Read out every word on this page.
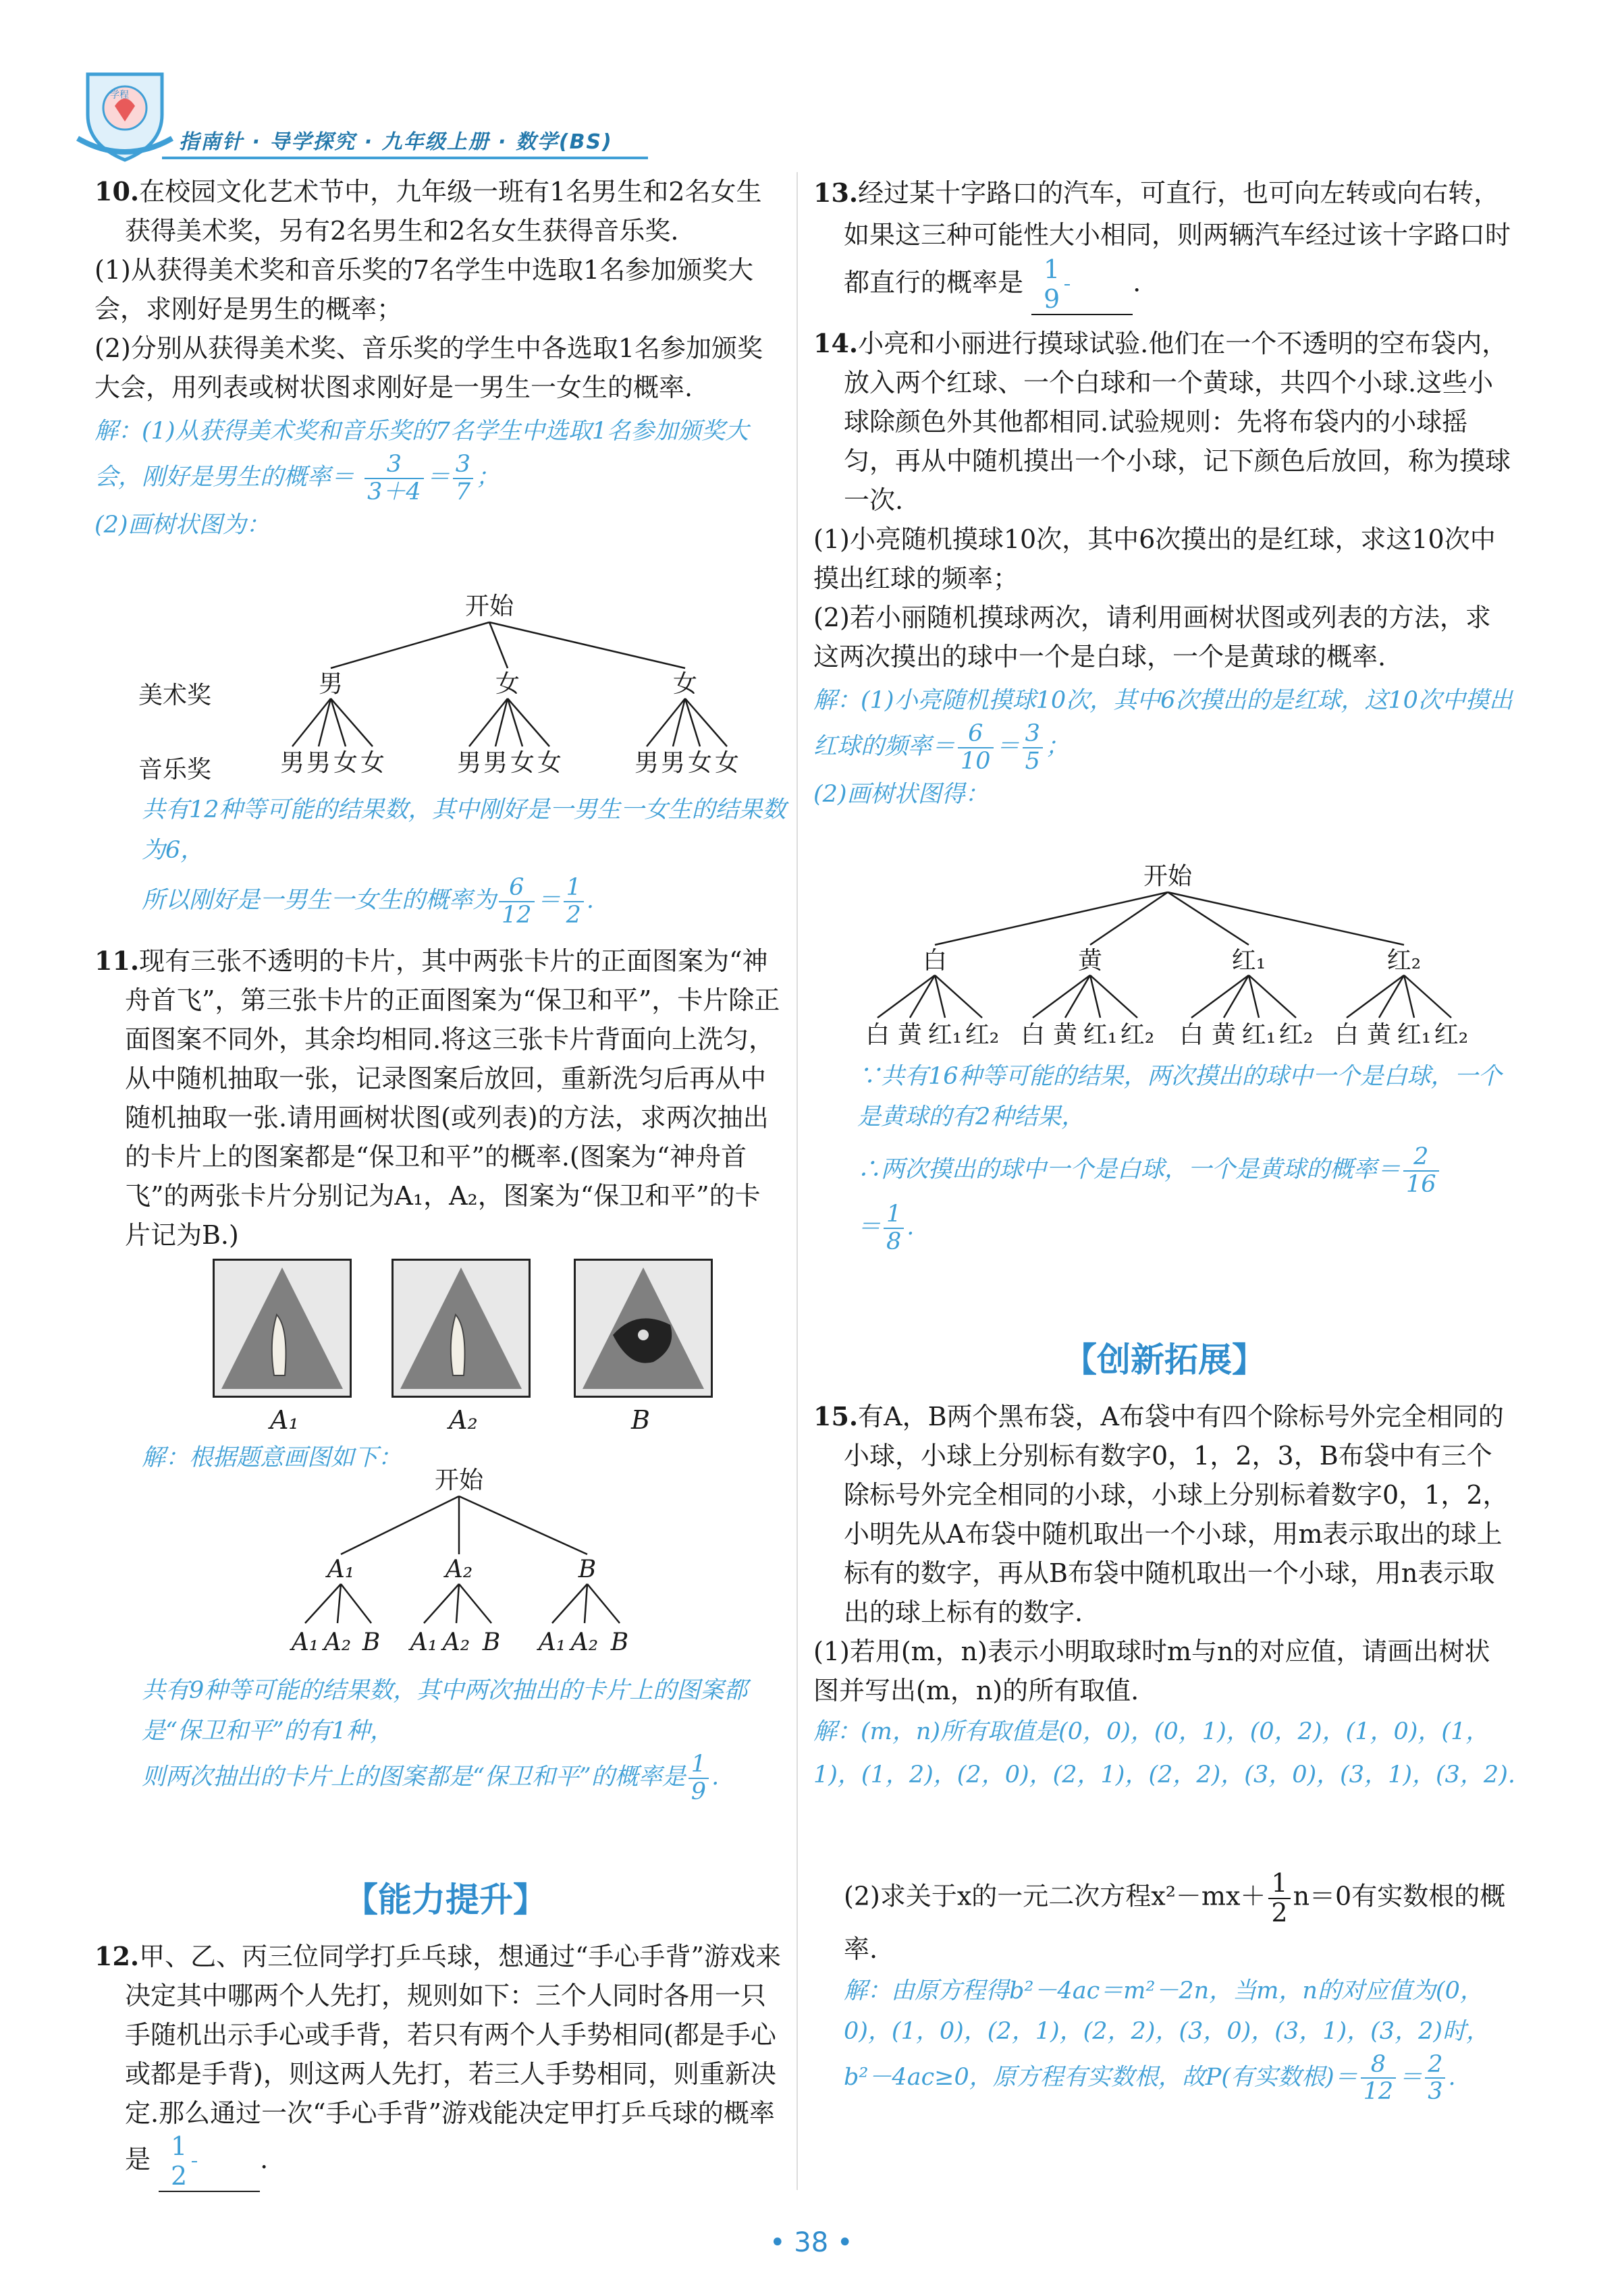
学程
指南针 · 导学探究 · 九年级上册 · 数学(BS)
10.在校园文化艺术节中，九年级一班有1名男生和2名女生获得美术奖，另有2名男生和2名女生获得音乐奖.
(1)从获得美术奖和音乐奖的7名学生中选取1名参加颁奖大会，求刚好是男生的概率；
(2)分别从获得美术奖、音乐奖的学生中各选取1名参加颁奖大会，用列表或树状图求刚好是一男生一女生的概率.
解：(1)从获得美术奖和音乐奖的7名学生中选取1名参加颁奖大会，刚好是男生的概率＝ $\frac{3}{3+4} = \frac{3}{7}$ ；
(2)画树状图为：
美术奖
音乐奖
开始
男	女	女
男 男 女 女	男 男 女 女	男 男 女 女
共有12种等可能的结果数，其中刚好是一男生一女生的结果数为6，
所以刚好是一男生一女生的概率为 $\frac{6}{12} = \frac{1}{2}$ .
11.现有三张不透明的卡片，其中两张卡片的正面图案为“神舟首飞”，第三张卡片的正面图案为“保卫和平”，卡片除正面图案不同外，其余均相同.将这三张卡片背面向上洗匀，从中随机抽取一张，记录图案后放回，重新洗匀后再从中随机抽取一张.请用画树状图(或列表)的方法，求两次抽出的卡片上的图案都是“保卫和平”的概率.(图案为“神舟首飞”的两张卡片分别记为A₁，A₂，图案为“保卫和平”的卡片记为B.)
A₁	A₂	B
解：根据题意画图如下：
开始
A₁	A₂	B
A₁ A₂ B A₁ A₂ B A₁ A₂ B
共有9种等可能的结果数，其中两次抽出的卡片上的图案都是“保卫和平”的有1种，
则两次抽出的卡片上的图案都是“保卫和平”的概率是 $\frac{1}{9}$ .
【能力提升】
12.甲、乙、丙三位同学打乒乓球，想通过“手心手背”游戏来决定其中哪两个人先打，规则如下：三个人同时各用一只手随机出示手心或手背，若只有两个人手势相同(都是手心或都是手背)，则这两人先打，若三人手势相同，则重新决定.那么通过一次“手心手背”游戏能决定甲打乒乓球的概率是 $\frac{1}{2}$ .
13.经过某十字路口的汽车，可直行，也可向左转或向右转，如果这三种可能性大小相同，则两辆汽车经过该十字路口时都直行的概率是 $\frac{1}{9}$ .
14.小亮和小丽进行摸球试验.他们在一个不透明的空布袋内，放入两个红球、一个白球和一个黄球，共四个小球.这些小球除颜色外其他都相同.试验规则：先将布袋内的小球摇匀，再从中随机摸出一个小球，记下颜色后放回，称为摸球一次.
(1)小亮随机摸球10次，其中6次摸出的是红球，求这10次中摸出红球的频率；
(2)若小丽随机摸球两次，请利用画树状图或列表的方法，求这两次摸出的球中一个是白球，一个是黄球的概率.
解：(1)小亮随机摸球10次，其中6次摸出的是红球，这10次中摸出红球的频率＝ $\frac{6}{10} = \frac{3}{5}$ ；
(2)画树状图得：
开始
白	黄	红₁	红₂
白 黄 红₁ 红₂ 白 黄 红₁ 红₂ 白 黄 红₁ 红₂ 白 黄 红₁ 红₂
∵共有16种等可能的结果，两次摸出的球中一个是白球，一个是黄球的有2种结果，
∴两次摸出的球中一个是白球，一个是黄球的概率＝ $\frac{2}{16}$
＝ $\frac{1}{8}$ .
【创新拓展】
15.有A，B两个黑布袋，A布袋中有四个除标号外完全相同的小球，小球上分别标有数字0，1，2，3，B布袋中有三个除标号外完全相同的小球，小球上分别标着数字0，1，2，小明先从A布袋中随机取出一个小球，用m表示取出的球上标有的数字，再从B布袋中随机取出一个小球，用n表示取出的球上标有的数字.
(1)若用(m，n)表示小明取球时m与n的对应值，请画出树状图并写出(m，n)的所有取值.
解：(m，n)所有取值是(0，0)，(0，1)，(0，2)，(1，0)，(1，1)，(1，2)，(2，0)，(2，1)，(2，2)，(3，0)，(3，1)，(3，2).
(2)求关于x的一元二次方程$x^2-mx+ \frac{1}{2} n=0$有实数根的概率.
解：由原方程得b²－4ac＝m²－2n，当m，n的对应值为(0，0)，(1，0)，(2，1)，(2，2)，(3，0)，(3，1)，(3，2)时，
b²－4ac≥0，原方程有实数根，故P(有实数根)＝ $\frac{8}{12} = \frac{2}{3}$ .
• 38 •
